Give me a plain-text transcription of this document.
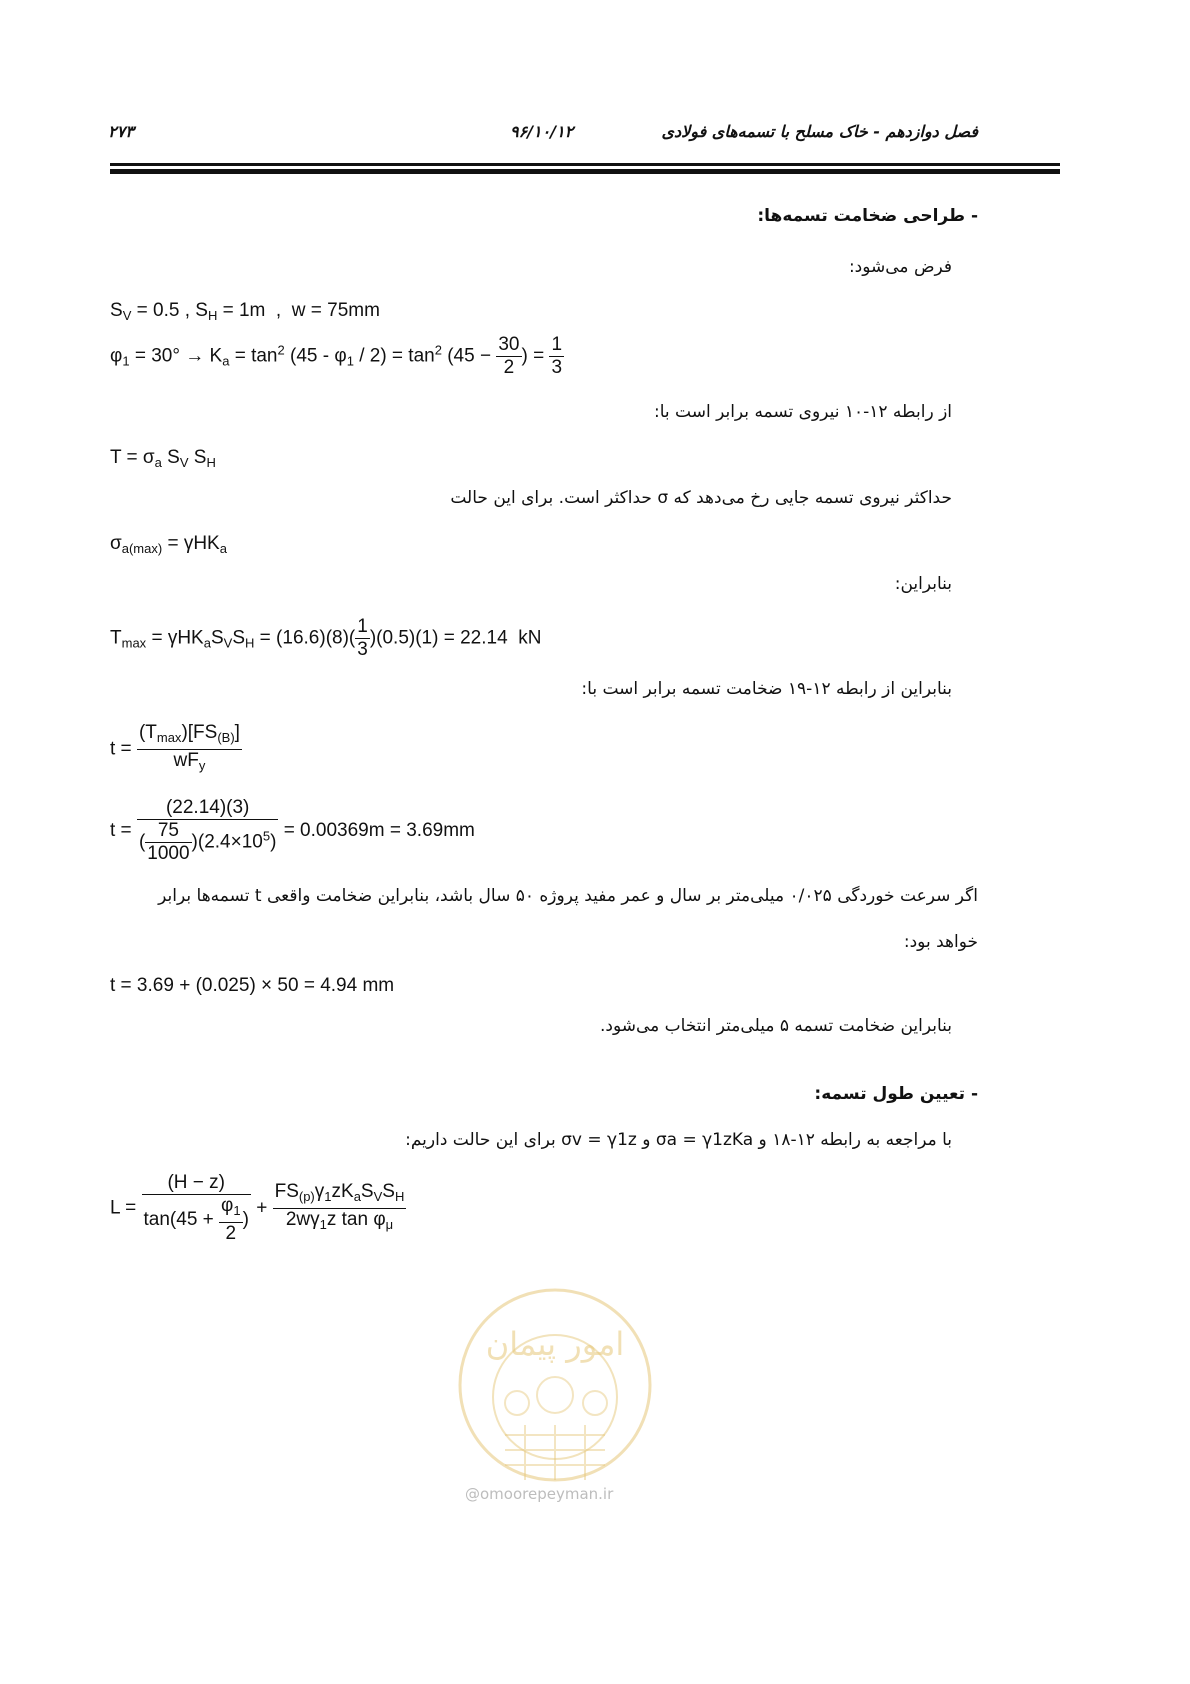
۲۷۳	۹۶/۱۰/۱۲	فصل دوازدهم - خاک مسلح با تسمه‌های فولادی
- طراحی ضخامت تسمه‌ها:
فرض می‌شود:
$S_V = 0.5$ , $S_H = 1m$  ,  w = 75mm
$\varphi_1 = 30^\circ \to K_a = \tan^2 (45 - \varphi_1 / 2) = \tan^2 (45 - \frac{30}{2}$ ) = $\frac{1}{3}$
از رابطه ۱۲-۱۰ نیروی تسمه برابر است با:
$T = \sigma_a$ $S_V$ $S_H$
حداکثر نیروی تسمه جایی رخ می‌دهد که σ حداکثر است. برای این حالت
$\sigma_{a(max)} = \gamma HK_a$
بنابراین:
$T_{max} = \gamma HK_aS_VS_H = (16.6)(8)( \frac{1}{3} )(0.5)(1) = 22.14$  kN
بنابراین از رابطه ۱۲-۱۹ ضخامت تسمه برابر است با:
$t = \frac{(T_{max})[FS_{(B)}]}{wF_y}$
$t = \frac{(22.14)(3)}{( \frac{75}{1000} )(2.4\times 10^5)} = 0.00369m = 3.69mm$
اگر سرعت خوردگی ۰/۰۲۵ میلی‌متر بر سال و عمر مفید پروژه ۵۰ سال باشد، بنابراین ضخامت واقعی t تسمه‌ها برابر
خواهد بود:
t = 3.69 + (0.025) × 50 = 4.94 mm
بنابراین ضخامت تسمه ۵ میلی‌متر انتخاب می‌شود.
- تعیین طول تسمه:
با مراجعه به رابطه ۱۲-۱۸ و σa = γ1zKa و σv = γ1z برای این حالت داریم:
$L = \frac{(H - z)}{\tan(45 + \frac{\varphi_1}{2} )} + \frac{FS_{(p)}\gamma_1zK_aS_VS_H}{2w\gamma_1z \tan \varphi_\mu}$
امور پیمان
@omoorepeyman.ir
